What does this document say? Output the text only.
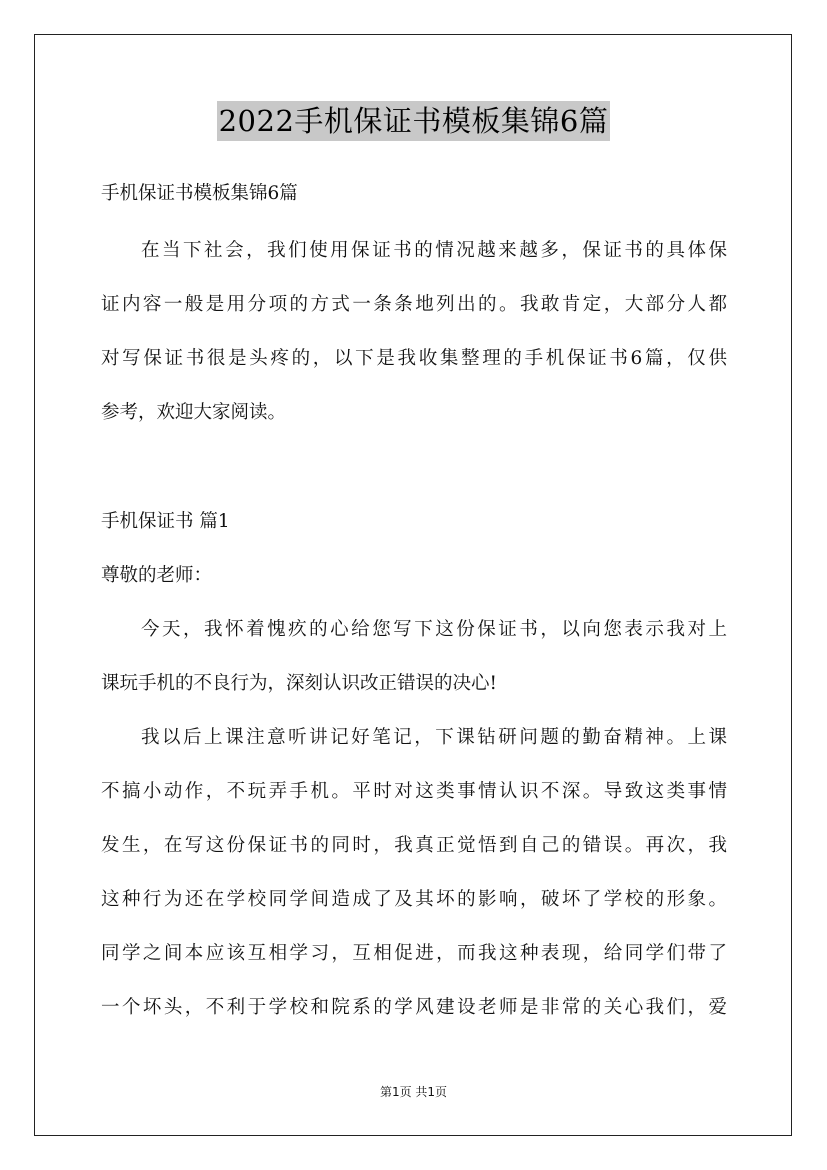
2022手机保证书模板集锦6篇
手机保证书模板集锦6篇
在当下社会，我们使用保证书的情况越来越多，保证书的具体保
证内容一般是用分项的方式一条条地列出的。我敢肯定，大部分人都
对写保证书很是头疼的，以下是我收集整理的手机保证书6篇，仅供
参考，欢迎大家阅读。
手机保证书 篇1
尊敬的老师：
今天，我怀着愧疚的心给您写下这份保证书，以向您表示我对上
课玩手机的不良行为，深刻认识改正错误的决心!
我以后上课注意听讲记好笔记，下课钻研问题的勤奋精神。上课
不搞小动作，不玩弄手机。平时对这类事情认识不深。导致这类事情
发生，在写这份保证书的同时，我真正觉悟到自己的错误。再次，我
这种行为还在学校同学间造成了及其坏的影响，破坏了学校的形象。
同学之间本应该互相学习，互相促进，而我这种表现，给同学们带了
一个坏头，不利于学校和院系的学风建设老师是非常的关心我们，爱
第1页 共1页
